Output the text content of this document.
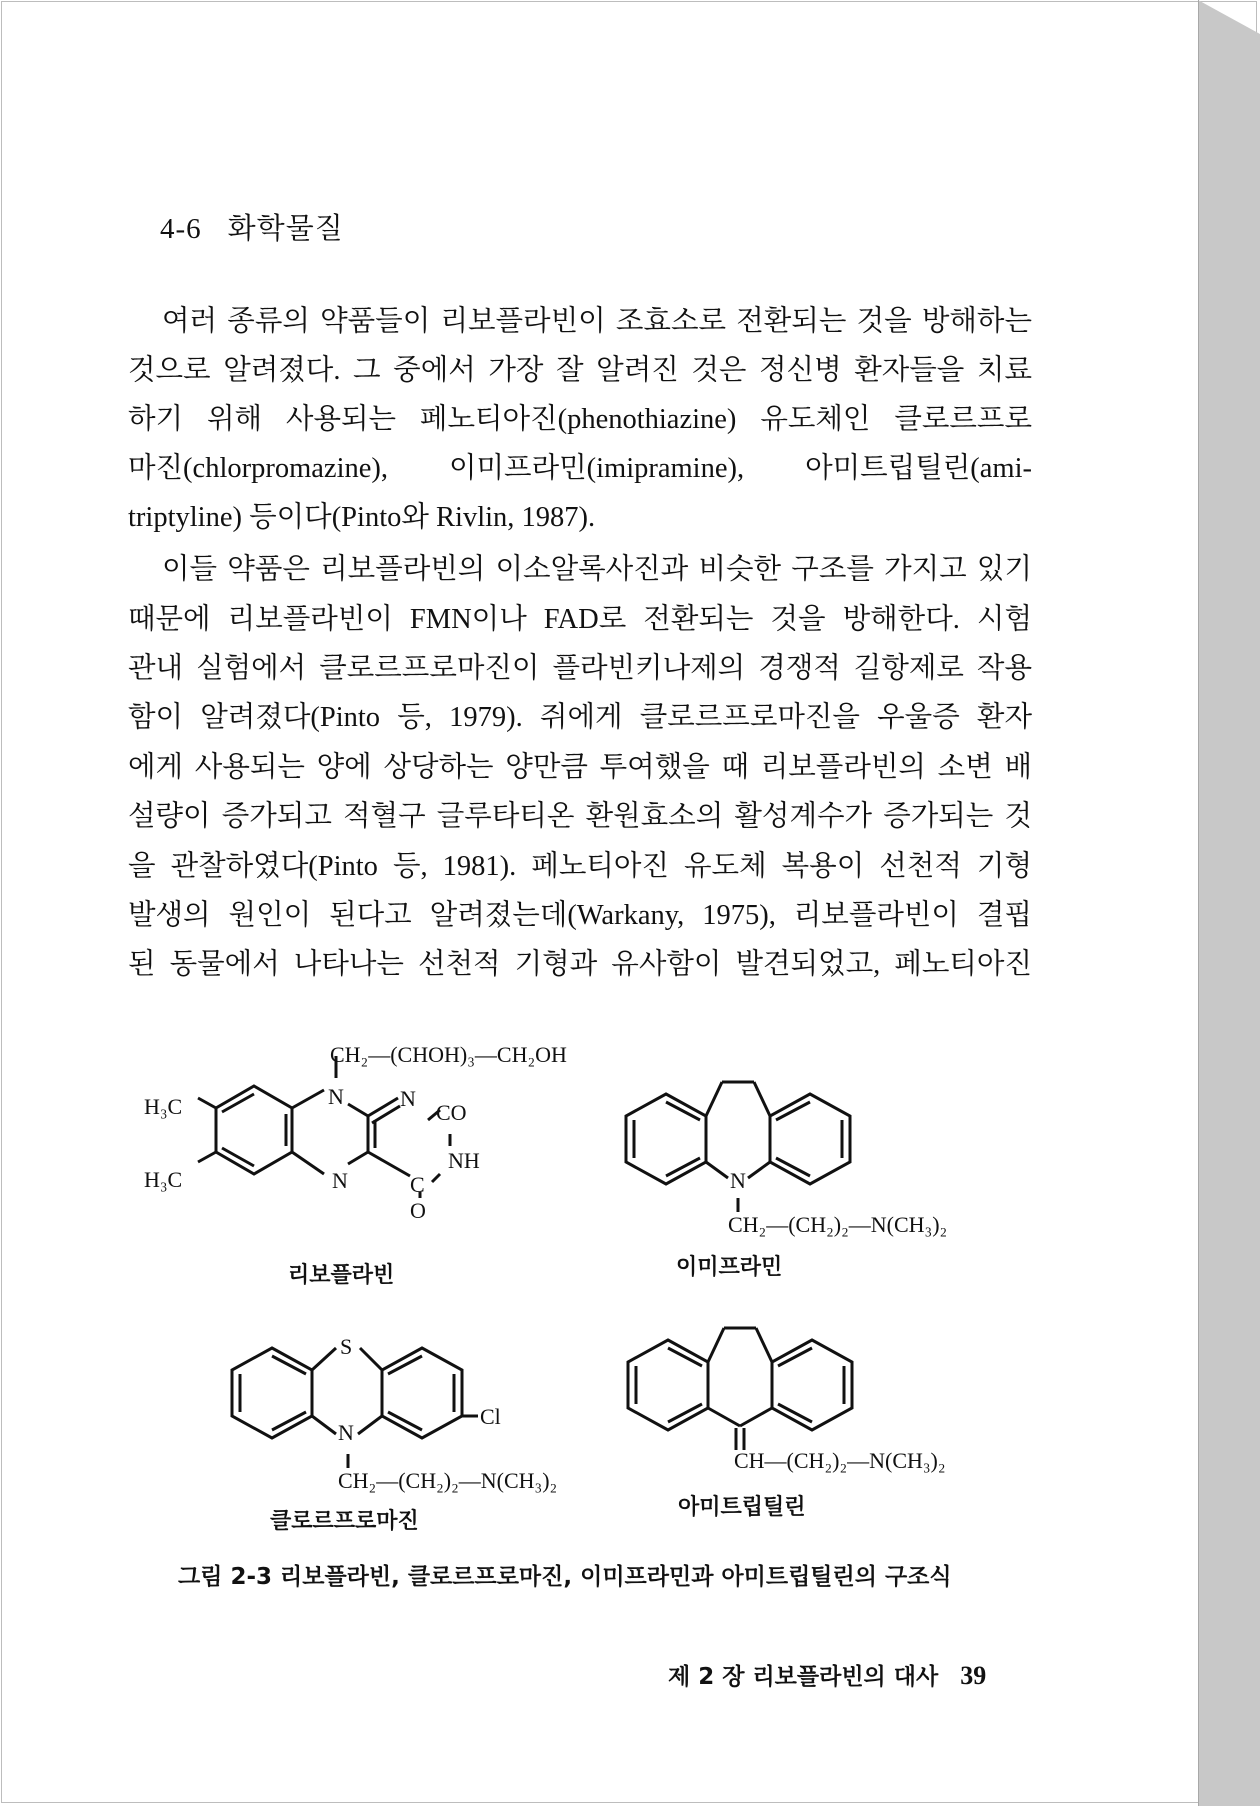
4-6 화학물질
여러 종류의 약품들이 리보플라빈이 조효소로 전환되는 것을 방해하는
것으로 알려졌다. 그 중에서 가장 잘 알려진 것은 정신병 환자들을 치료
하기 위해 사용되는 페노티아진(phenothiazine) 유도체인 클로르프로
마진(chlorpromazine), 이미프라민(imipramine), 아미트립틸린(ami-
triptyline) 등이다(Pinto와 Rivlin, 1987).
이들 약품은 리보플라빈의 이소알록사진과 비슷한 구조를 가지고 있기
때문에 리보플라빈이 FMN이나 FAD로 전환되는 것을 방해한다. 시험
관내 실험에서 클로르프로마진이 플라빈키나제의 경쟁적 길항제로 작용
함이 알려졌다(Pinto 등, 1979). 쥐에게 클로르프로마진을 우울증 환자
에게 사용되는 양에 상당하는 양만큼 투여했을 때 리보플라빈의 소변 배
설량이 증가되고 적혈구 글루타티온 환원효소의 활성계수가 증가되는 것
을 관찰하였다(Pinto 등, 1981). 페노티아진 유도체 복용이 선천적 기형
발생의 원인이 된다고 알려졌는데(Warkany, 1975), 리보플라빈이 결핍
된 동물에서 나타나는 선천적 기형과 유사함이 발견되었고, 페노티아진
CH₂—(CHOH)₃—CH₂OH
H₃C
H₃C
N	N
N
CO
NH
C
O
N
CH₂—(CH₂)₂—N(CH₃)₂
S
Cl
N
CH₂—(CH₂)₂—N(CH₃)₂
CH—(CH₂)₂—N(CH₃)₂
리보플라빈	이미프라민
클로르프로마진
아미트립틸린
그림 2-3 리보플라빈, 클로르프로마진, 이미프라민과 아미트립틸린의 구조식
제 2 장 리보플라빈의 대사 39
